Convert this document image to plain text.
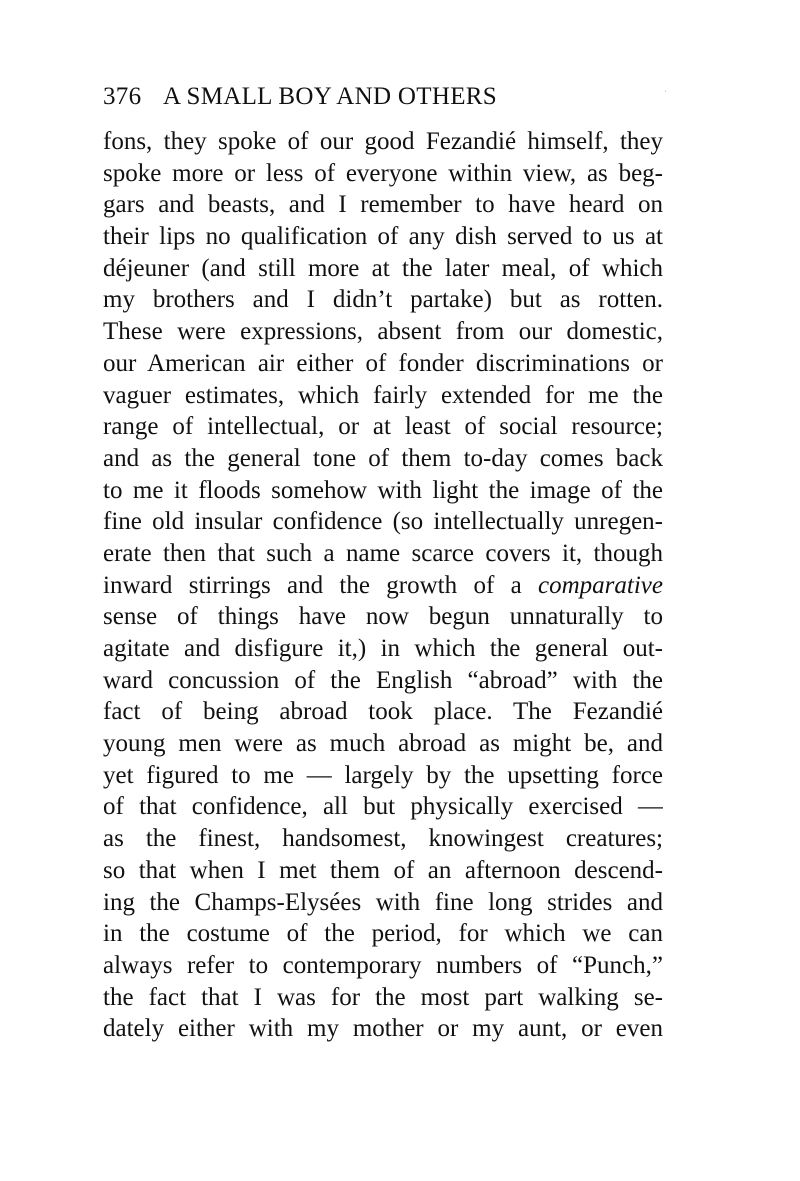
376 A SMALL BOY AND OTHERS
fons, they spoke of our good Fezandié himself, they
spoke more or less of everyone within view, as beg-
gars and beasts, and I remember to have heard on
their lips no qualification of any dish served to us at
déjeuner (and still more at the later meal, of which
my brothers and I didn’t partake) but as rotten.
These were expressions, absent from our domestic,
our American air either of fonder discriminations or
vaguer estimates, which fairly extended for me the
range of intellectual, or at least of social resource;
and as the general tone of them to-day comes back
to me it floods somehow with light the image of the
fine old insular confidence (so intellectually unregen-
erate then that such a name scarce covers it, though
inward stirrings and the growth of a comparative
sense of things have now begun unnaturally to
agitate and disfigure it,) in which the general out-
ward concussion of the English “abroad” with the
fact of being abroad took place. The Fezandié
young men were as much abroad as might be, and
yet figured to me — largely by the upsetting force
of that confidence, all but physically exercised —
as the finest, handsomest, knowingest creatures;
so that when I met them of an afternoon descend-
ing the Champs-Elysées with fine long strides and
in the costume of the period, for which we can
always refer to contemporary numbers of “Punch,”
the fact that I was for the most part walking se-
dately either with my mother or my aunt, or even
